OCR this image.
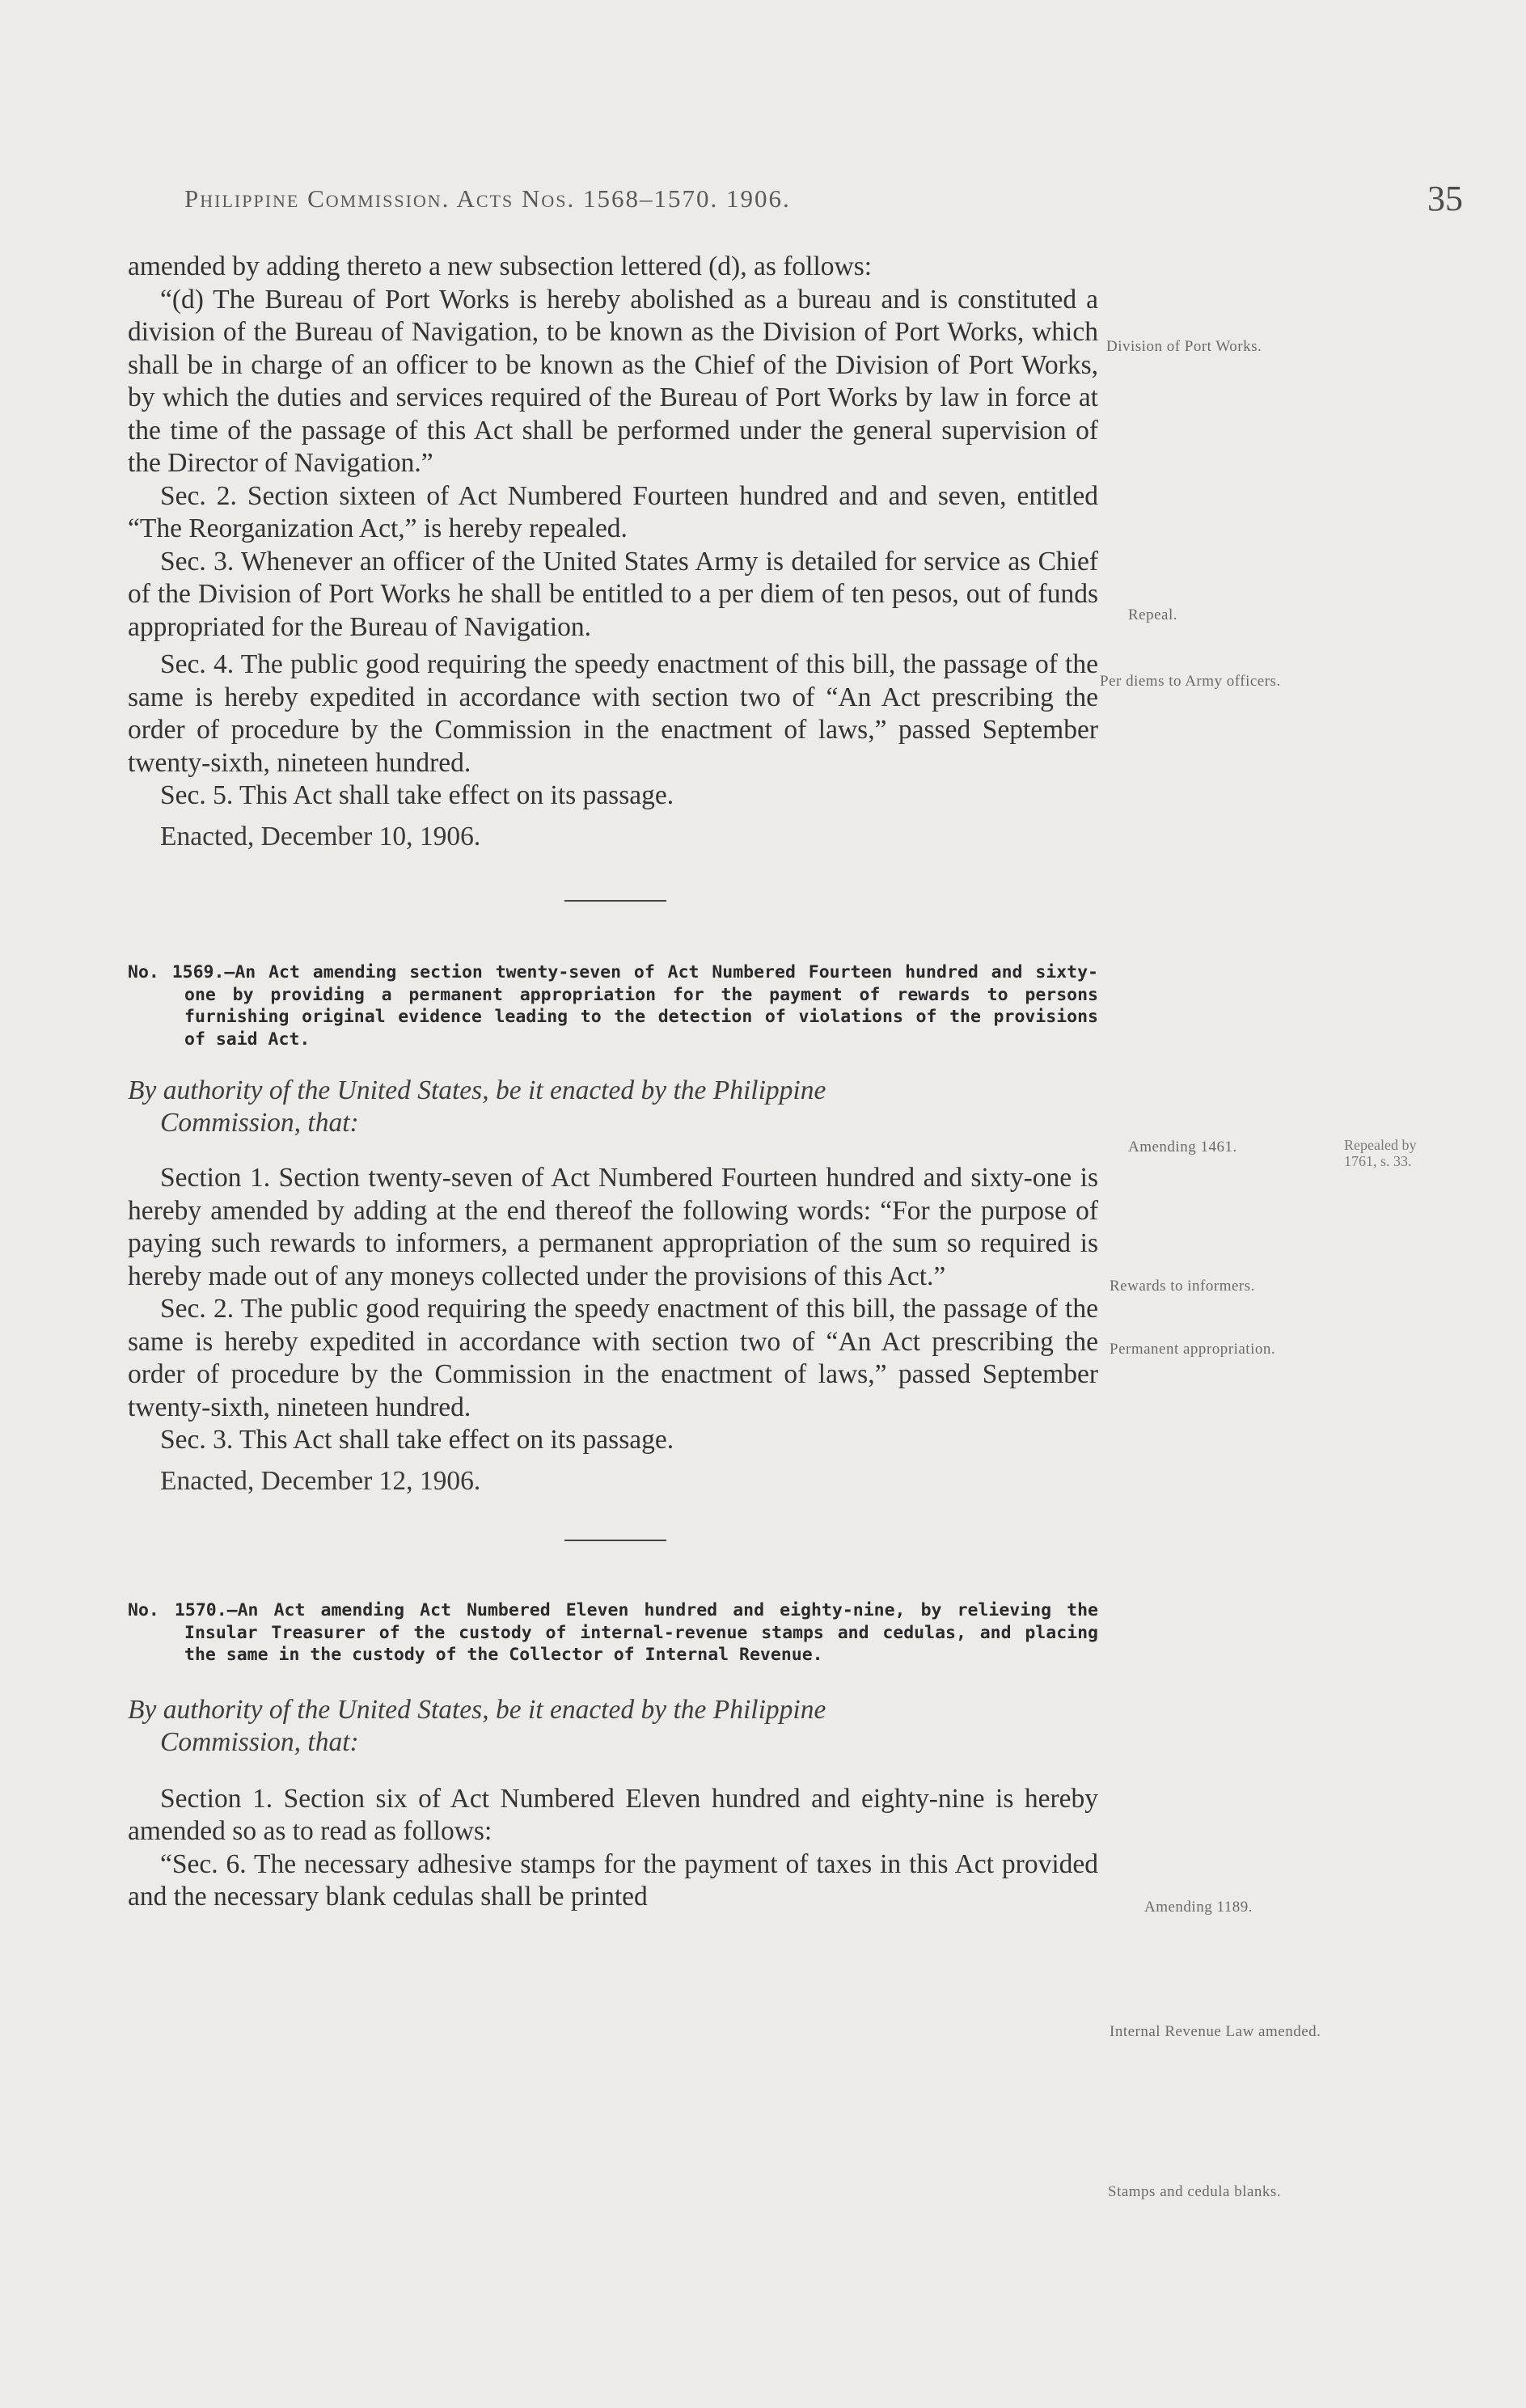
Philippine Commission. Acts Nos. 1568–1570. 1906.	35

amended by adding thereto a new subsection lettered (d), as follows:

“(d) The Bureau of Port Works is hereby abolished as a bureau and is constituted a division of the Bureau of Navigation, to be known as the Division of Port Works, which shall be in charge of an officer to be known as the Chief of the Division of Port Works, by which the duties and services required of the Bureau of Port Works by law in force at the time of the passage of this Act shall be performed under the general supervision of the Director of Navigation.”

Sec. 2. Section sixteen of Act Numbered Fourteen hundred and and seven, entitled “The Reorganization Act,” is hereby repealed.

Sec. 3. Whenever an officer of the United States Army is detailed for service as Chief of the Division of Port Works he shall be entitled to a per diem of ten pesos, out of funds appropriated for the Bureau of Navigation.

Sec. 4. The public good requiring the speedy enactment of this bill, the passage of the same is hereby expedited in accordance with section two of “An Act prescribing the order of procedure by the Commission in the enactment of laws,” passed September twenty-sixth, nineteen hundred.

Sec. 5. This Act shall take effect on its passage.

Enacted, December 10, 1906.

No. 1569.—An Act amending section twenty-seven of Act Numbered Fourteen hundred and sixty-one by providing a permanent appropriation for the payment of rewards to persons furnishing original evidence leading to the detection of violations of the provisions of said Act.

By authority of the United States, be it enacted by the Philippine
Commission, that:

Section 1. Section twenty-seven of Act Numbered Fourteen hundred and sixty-one is hereby amended by adding at the end thereof the following words: “For the purpose of paying such rewards to informers, a permanent appropriation of the sum so required is hereby made out of any moneys collected under the provisions of this Act.”

Sec. 2. The public good requiring the speedy enactment of this bill, the passage of the same is hereby expedited in accordance with section two of “An Act prescribing the order of procedure by the Commission in the enactment of laws,” passed September twenty-sixth, nineteen hundred.

Sec. 3. This Act shall take effect on its passage.

Enacted, December 12, 1906.

No. 1570.—An Act amending Act Numbered Eleven hundred and eighty-nine, by relieving the Insular Treasurer of the custody of internal-revenue stamps and cedulas, and placing the same in the custody of the Collector of Internal Revenue.

By authority of the United States, be it enacted by the Philippine
Commission, that:

Section 1. Section six of Act Numbered Eleven hundred and eighty-nine is hereby amended so as to read as follows:

“Sec. 6. The necessary adhesive stamps for the payment of taxes in this Act provided and the necessary blank cedulas shall be printed

Division of Port Works.
Repeal.
Per diems to Army officers.
Amending 1461.	Repealed by 1761, s. 33.
Rewards to informers.
Permanent appropriation.
Amending 1189.
Internal Revenue Law amended.
Stamps and cedula blanks.
